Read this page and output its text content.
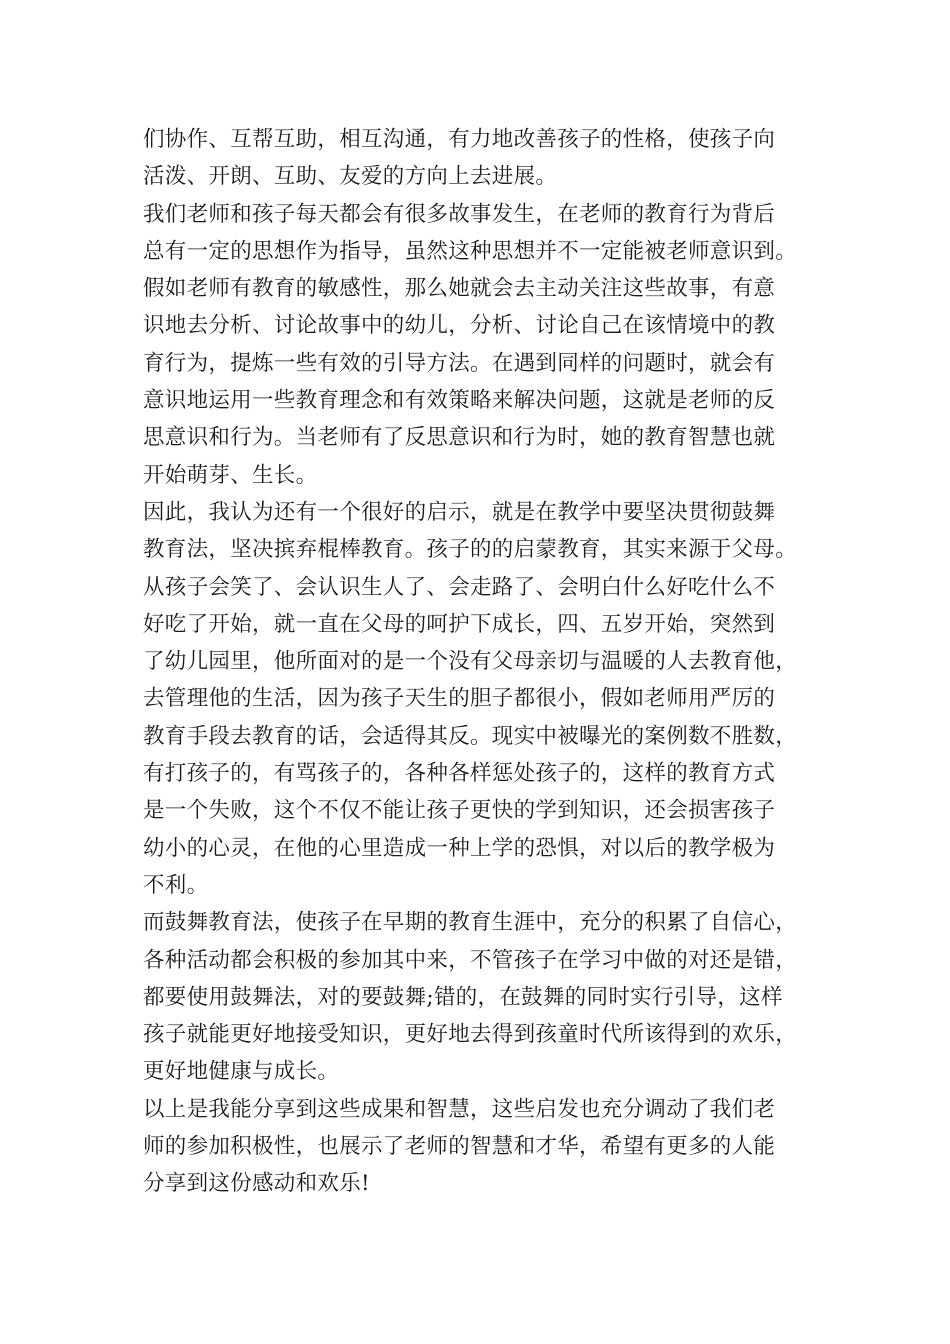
们协作、互帮互助，相互沟通，有力地改善孩子的性格，使孩子向
活泼、开朗、互助、友爱的方向上去进展。
我们老师和孩子每天都会有很多故事发生，在老师的教育行为背后
总有一定的思想作为指导，虽然这种思想并不一定能被老师意识到。
假如老师有教育的敏感性，那么她就会去主动关注这些故事，有意
识地去分析、讨论故事中的幼儿，分析、讨论自己在该情境中的教
育行为，提炼一些有效的引导方法。在遇到同样的问题时，就会有
意识地运用一些教育理念和有效策略来解决问题，这就是老师的反
思意识和行为。当老师有了反思意识和行为时，她的教育智慧也就
开始萌芽、生长。
因此，我认为还有一个很好的启示，就是在教学中要坚决贯彻鼓舞
教育法，坚决摈弃棍棒教育。孩子的的启蒙教育，其实来源于父母。
从孩子会笑了、会认识生人了、会走路了、会明白什么好吃什么不
好吃了开始，就一直在父母的呵护下成长，四、五岁开始，突然到
了幼儿园里，他所面对的是一个没有父母亲切与温暖的人去教育他，
去管理他的生活，因为孩子天生的胆子都很小，假如老师用严厉的
教育手段去教育的话，会适得其反。现实中被曝光的案例数不胜数，
有打孩子的，有骂孩子的，各种各样惩处孩子的，这样的教育方式
是一个失败，这个不仅不能让孩子更快的学到知识，还会损害孩子
幼小的心灵，在他的心里造成一种上学的恐惧，对以后的教学极为
不利。
而鼓舞教育法，使孩子在早期的教育生涯中，充分的积累了自信心，
各种活动都会积极的参加其中来，不管孩子在学习中做的对还是错，
都要使用鼓舞法，对的要鼓舞;错的，在鼓舞的同时实行引导，这样
孩子就能更好地接受知识，更好地去得到孩童时代所该得到的欢乐，
更好地健康与成长。
以上是我能分享到这些成果和智慧，这些启发也充分调动了我们老
师的参加积极性，也展示了老师的智慧和才华，希望有更多的人能
分享到这份感动和欢乐!
